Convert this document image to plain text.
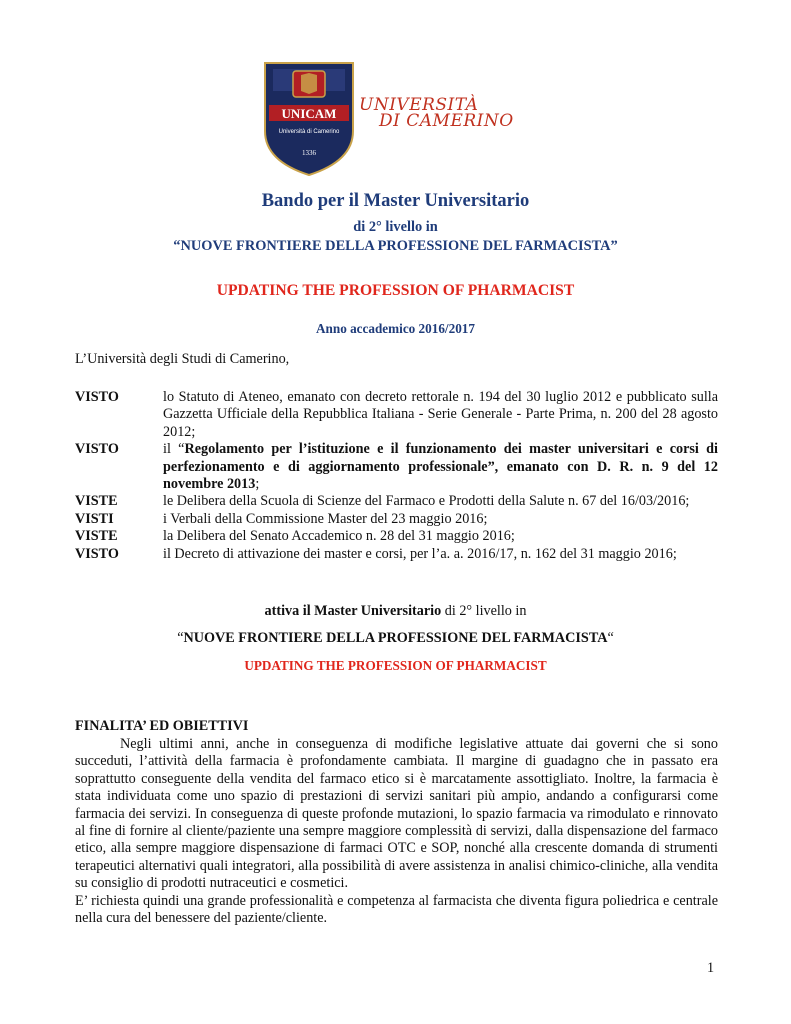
UNICAM
Università di Camerino
1336
UNIVERSITÀ
DI CAMERINO
Bando per il Master Universitario
di 2° livello in
“NUOVE FRONTIERE DELLA PROFESSIONE DEL FARMACISTA”
UPDATING THE PROFESSION OF PHARMACIST
Anno accademico 2016/2017
L’Università degli Studi di Camerino,
VISTO	lo Statuto di Ateneo, emanato con decreto rettorale n. 194 del 30 luglio 2012 e pubblicato sulla Gazzetta Ufficiale della Repubblica Italiana - Serie Generale - Parte Prima, n. 200 del 28 agosto 2012;
VISTO	il “Regolamento per l’istituzione e il funzionamento dei master universitari e corsi di perfezionamento e di aggiornamento professionale”, emanato con D. R. n. 9 del 12 novembre 2013;
VISTE	le Delibera della Scuola di Scienze del Farmaco e Prodotti della Salute n. 67 del 16/03/2016;
VISTI	i Verbali della Commissione Master del 23 maggio 2016;
VISTE	la Delibera del Senato Accademico n. 28 del 31 maggio 2016;
VISTO	il Decreto di attivazione dei master e corsi, per l’a. a. 2016/17, n. 162 del 31 maggio 2016;
attiva il Master Universitario di 2° livello in
“NUOVE FRONTIERE DELLA PROFESSIONE DEL FARMACISTA“
UPDATING THE PROFESSION OF PHARMACIST
FINALITA’ ED OBIETTIVI

Negli ultimi anni, anche in conseguenza di modifiche legislative attuate dai governi che si sono succeduti, l’attività della farmacia è profondamente cambiata. Il margine di guadagno che in passato era soprattutto conseguente della vendita del farmaco etico si è marcatamente assottigliato. Inoltre, la farmacia è stata individuata come uno spazio di prestazioni di servizi sanitari più ampio, andando a configurarsi come farmacia dei servizi. In conseguenza di queste profonde mutazioni, lo spazio farmacia va rimodulato e rinnovato al fine di fornire al cliente/paziente una sempre maggiore complessità di servizi, dalla dispensazione del farmaco etico, alla sempre maggiore dispensazione di farmaci OTC e SOP, nonché alla crescente domanda di strumenti terapeutici alternativi quali integratori, alla possibilità di avere assistenza in analisi chimico-cliniche, alla vendita su consiglio di prodotti nutraceutici e cosmetici.

E’ richiesta quindi una grande professionalità e competenza al farmacista che diventa figura poliedrica e centrale nella cura del benessere del paziente/cliente.

1
